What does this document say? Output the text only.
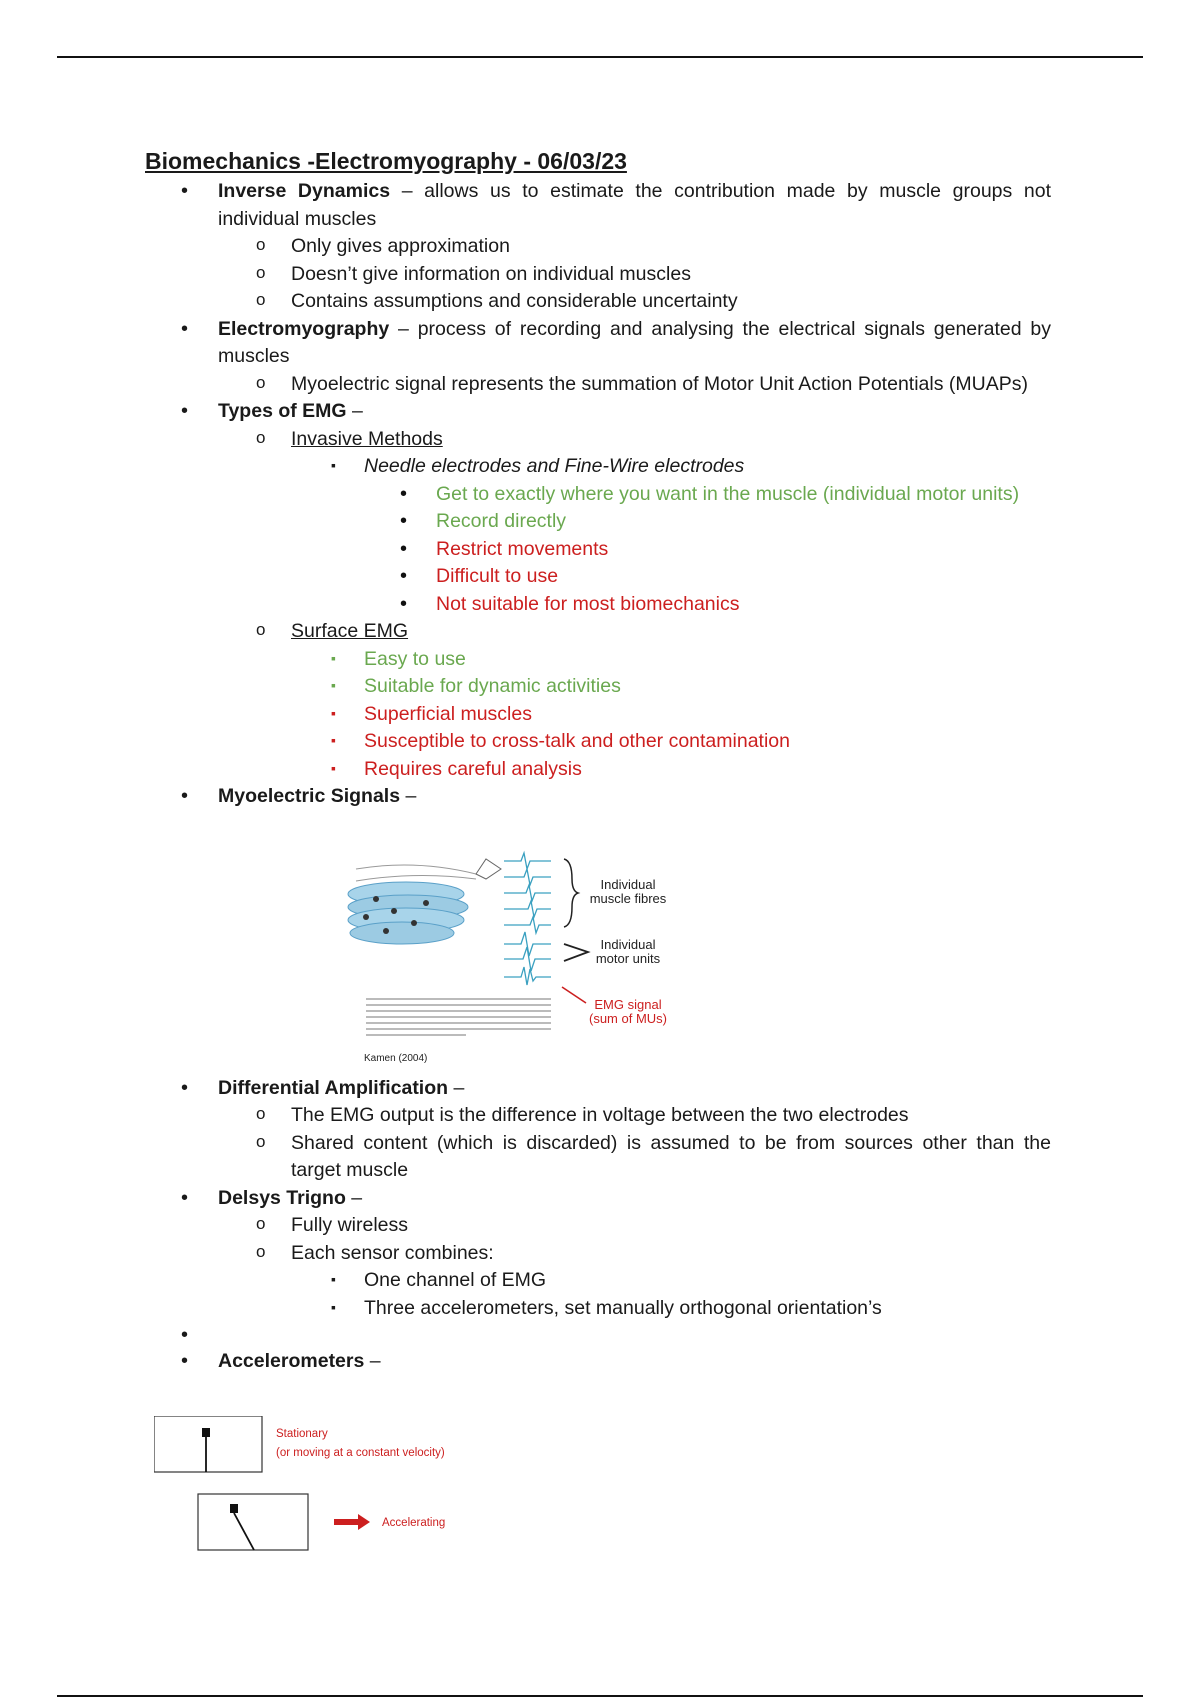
Biomechanics -Electromyography - 06/03/23
• Inverse Dynamics – allows us to estimate the contribution made by muscle groups not individual muscles
o Only gives approximation
o Doesn’t give information on individual muscles
o Contains assumptions and considerable uncertainty
• Electromyography – process of recording and analysing the electrical signals generated by muscles
o Myoelectric signal represents the summation of Motor Unit Action Potentials (MUAPs)
• Types of EMG –
o Invasive Methods
▪ Needle electrodes and Fine-Wire electrodes
• Get to exactly where you want in the muscle (individual motor units)
• Record directly
• Restrict movements
• Difficult to use
• Not suitable for most biomechanics
o Surface EMG
▪ Easy to use
▪ Suitable for dynamic activities
▪ Superficial muscles
▪ Susceptible to cross-talk and other contamination
▪ Requires careful analysis
• Myoelectric Signals –
Individual
muscle fibres
Individual
motor units
EMG signal
(sum of MUs)
Kamen (2004)
• Differential Amplification –
o The EMG output is the difference in voltage between the two electrodes
o Shared content (which is discarded) is assumed to be from sources other than the target muscle
• Delsys Trigno –
o Fully wireless
o Each sensor combines:
▪ One channel of EMG
▪ Three accelerometers, set manually orthogonal orientation’s
•
• Accelerometers –
Stationary
(or moving at a constant velocity)
Accelerating
